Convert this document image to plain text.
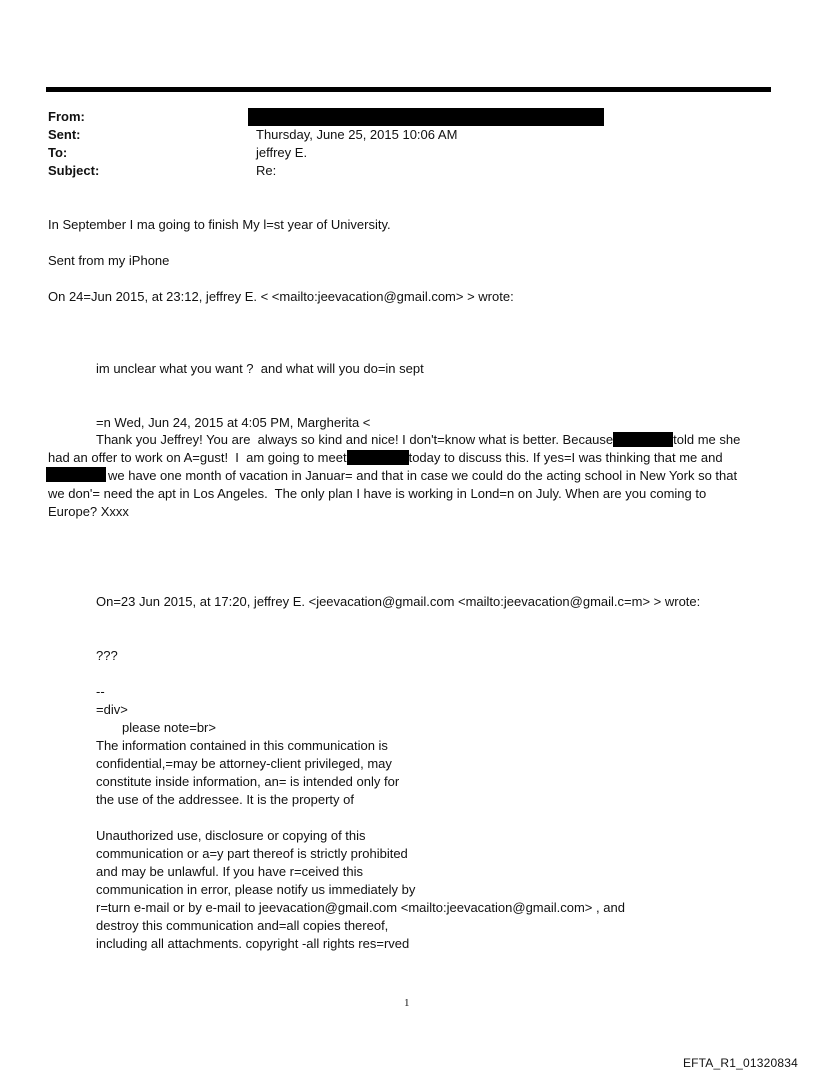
From:
Sent:	Thursday, June 25, 2015 10:06 AM
To:	jeffrey E.
Subject:	Re:
In September I ma going to finish My l=st year of University.
Sent from my iPhone
On 24=Jun 2015, at 23:12, jeffrey E. < <mailto:jeevacation@gmail.com> > wrote:
im unclear what you want ?  and what will you do=in sept
=n Wed, Jun 24, 2015 at 4:05 PM, Margherita <
Thank you Jeffrey! You are  always so kind and nice! I don't=know what is better. Because	told me she
had an offer to work on A=gust!  I  am going to meet	today to discuss this. If yes=I was thinking that me and
we have one month of vacation in Januar= and that in case we could do the acting school in New York so that
we don'= need the apt in Los Angeles.  The only plan I have is working in Lond=n on July. When are you coming to
Europe? Xxxx
On=23 Jun 2015, at 17:20, jeffrey E. <jeevacation@gmail.com <mailto:jeevacation@gmail.c=m> > wrote:
???
--
=div>
please note=br>
The information contained in this communication is
confidential,=may be attorney-client privileged, may
constitute inside information, an= is intended only for
the use of the addressee. It is the property of
Unauthorized use, disclosure or copying of this
communication or a=y part thereof is strictly prohibited
and may be unlawful. If you have r=ceived this
communication in error, please notify us immediately by
r=turn e-mail or by e-mail to jeevacation@gmail.com <mailto:jeevacation@gmail.com> , and
destroy this communication and=all copies thereof,
including all attachments. copyright -all rights res=rved
1
EFTA_R1_01320834
